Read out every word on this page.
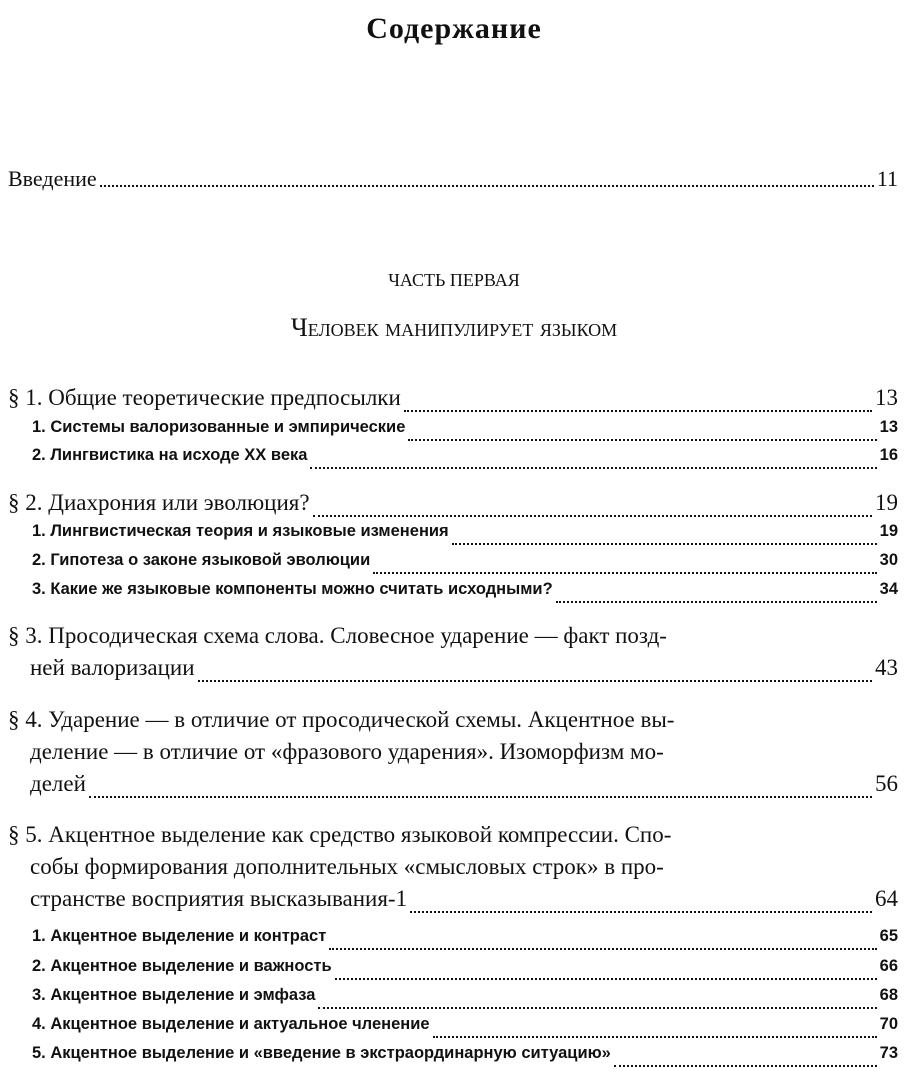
Содержание
Введение	11
ЧАСТЬ ПЕРВАЯ
Человек манипулирует языком
§ 1. Общие теоретические предпосылки	13
1. Системы валоризованные и эмпирические	13
2. Лингвистика на исходе XX века	16
§ 2. Диахрония или эволюция?	19
1. Лингвистическая теория и языковые изменения	19
2. Гипотеза о законе языковой эволюции	30
3. Какие же языковые компоненты можно считать исходными?	34
§ 3. Просодическая схема слова. Словесное ударение — факт позд-
ней валоризации	43
§ 4. Ударение — в отличие от просодической схемы. Акцентное вы-
деление — в отличие от «фразового ударения». Изоморфизм мо-
делей	56
§ 5. Акцентное выделение как средство языковой компрессии. Спо-
собы формирования дополнительных «смысловых строк» в про-
странстве восприятия высказывания-1	64
1. Акцентное выделение и контраст	65
2. Акцентное выделение и важность	66
3. Акцентное выделение и эмфаза	68
4. Акцентное выделение и актуальное членение	70
5. Акцентное выделение и «введение в экстраординарную ситуацию»	73
